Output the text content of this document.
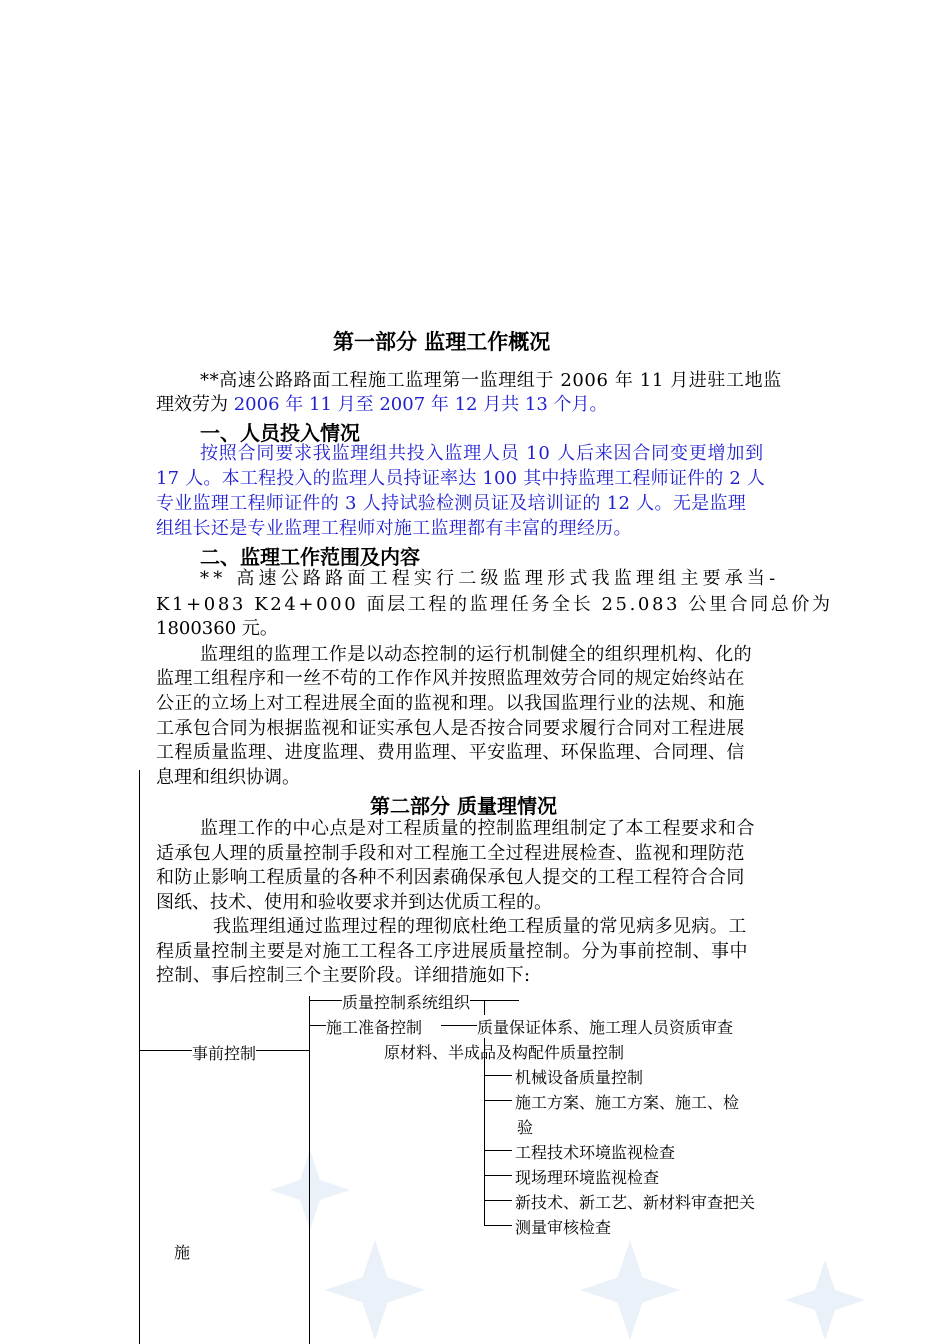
第一部分 监理工作概况
**高速公路路面工程施工监理第一监理组于 2006 年 11 月进驻工地监
理效劳为 2006 年 11 月至 2007 年 12 月共 13 个月。
一、人员投入情况
按照合同要求我监理组共投入监理人员 10 人后来因合同变更增加到
17 人。本工程投入的监理人员持证率达 100 其中持监理工程师证件的 2 人
专业监理工程师证件的 3 人持试验检测员证及培训证的 12 人。无是监理
组组长还是专业监理工程师对施工监理都有丰富的理经历。
二、监理工作范围及内容
** 高速公路路面工程实行二级监理形式我监理组主要承当-
K1+083 K24+000 面层工程的监理任务全长 25.083 公里合同总价为
1800360 元。
监理组的监理工作是以动态控制的运行机制健全的组织理机构、化的
监理工组程序和一丝不苟的工作作风并按照监理效劳合同的规定始终站在
公正的立场上对工程进展全面的监视和理。以我国监理行业的法规、和施
工承包合同为根据监视和证实承包人是否按合同要求履行合同对工程进展
工程质量监理、进度监理、费用监理、平安监理、环保监理、合同理、信
息理和组织协调。
第二部分 质量理情况
监理工作的中心点是对工程质量的控制监理组制定了本工程要求和合
适承包人理的质量控制手段和对工程施工全过程进展检查、监视和理防范
和防止影响工程质量的各种不利因素确保承包人提交的工程工程符合合同
图纸、技术、使用和验收要求并到达优质工程的。
我监理组通过监理过程的理彻底杜绝工程质量的常见病多见病。工
程质量控制主要是对施工工程各工序进展质量控制。分为事前控制、事中
控制、事后控制三个主要阶段。详细措施如下:
质量控制系统组织
事前控制
施工准备控制	质量保证体系、施工理人员资质审查
原材料、半成品及构配件质量控制
机械设备质量控制
施工方案、施工方案、施工、检
验
工程技术环境监视检查
现场理环境监视检查
新技术、新工艺、新材料审查把关
测量审核检查
施
